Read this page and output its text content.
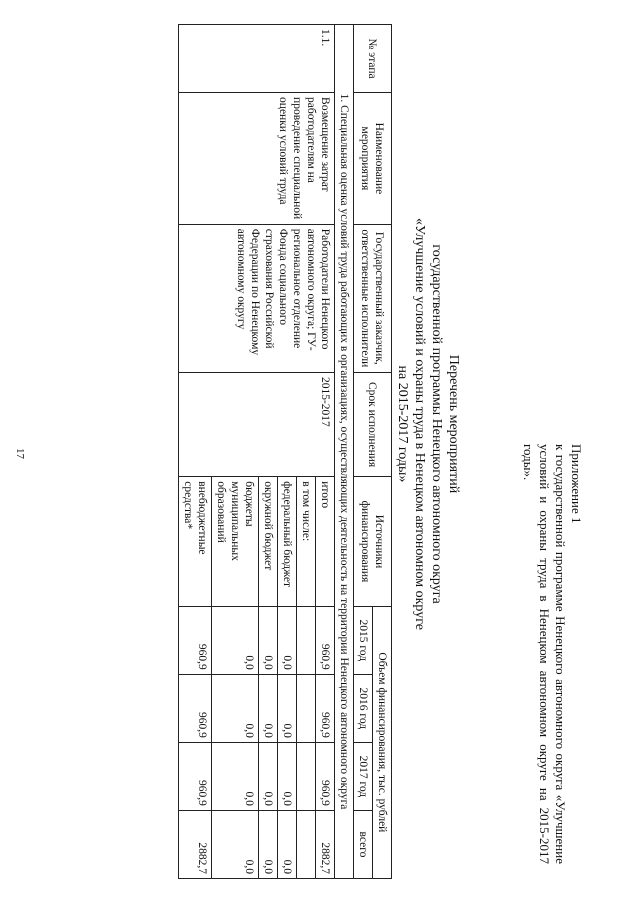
17	Приложение 1
к государственной программе Ненецкого автономного округа «Улучшение условий и охраны труда в Ненецком автономном округе на 2015-2017 годы».
Перечень мероприятий
государственной программы Ненецкого автономного округа
«Улучшение условий и охраны труда в Ненецком автономном округе
на 2015-2017 годы»
№ этапа	Наименование мероприятия	Государственный заказчик, ответственные исполнители	Срок исполнения	Источники финансирования	Объем финансирования, тыс. рублей			
					2015 год	2016 год	2017 год	всего
1. Специальная оценка условий труда работающих в организациях, осуществляющих деятельность на территории Ненецкого автономного округа								
1.1.	Возмещение затрат работодателям на проведение специальной оценки условий труда	Работодатели Ненецкого автономного округа; ГУ-региональное отделение Фонда социального страхования Российской Федерации по Ненецкому автономному округу	2015-2017	итого	960,9	960,9	960,9	2882,7
				в том числе:				
				федеральный бюджет	0,0	0,0	0,0	0,0
				окружной бюджет	0,0	0,0	0,0	0,0
				бюджеты муниципальных образований	0,0	0,0	0,0	0,0
				внебюджетные средства*	960,9	960,9	960,9	2882,7
